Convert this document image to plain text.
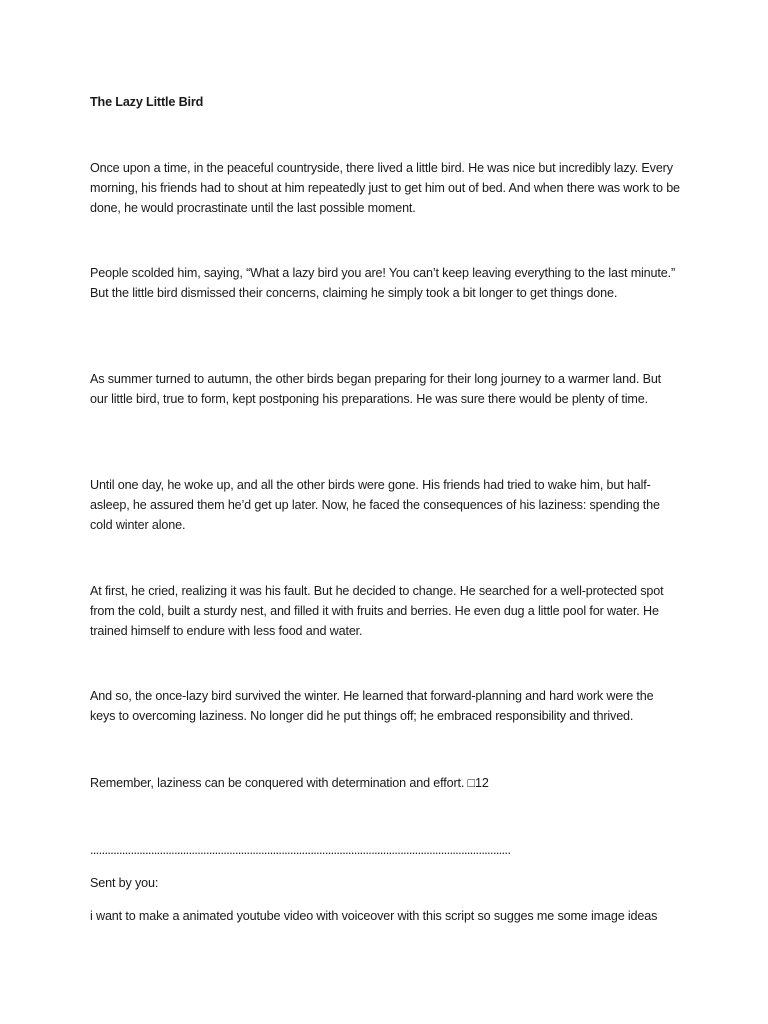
The Lazy Little Bird

Once upon a time, in the peaceful countryside, there lived a little bird. He was nice but incredibly lazy. Every morning, his friends had to shout at him repeatedly just to get him out of bed. And when there was work to be done, he would procrastinate until the last possible moment.

People scolded him, saying, “What a lazy bird you are! You can’t keep leaving everything to the last minute.” But the little bird dismissed their concerns, claiming he simply took a bit longer to get things done.

As summer turned to autumn, the other birds began preparing for their long journey to a warmer land. But our little bird, true to form, kept postponing his preparations. He was sure there would be plenty of time.

Until one day, he woke up, and all the other birds were gone. His friends had tried to wake him, but half-asleep, he assured them he’d get up later. Now, he faced the consequences of his laziness: spending the cold winter alone.

At first, he cried, realizing it was his fault. But he decided to change. He searched for a well-protected spot from the cold, built a sturdy nest, and filled it with fruits and berries. He even dug a little pool for water. He trained himself to endure with less food and water.

And so, the once-lazy bird survived the winter. He learned that forward-planning and hard work were the keys to overcoming laziness. No longer did he put things off; he embraced responsibility and thrived.

Remember, laziness can be conquered with determination and effort. □12

.................................................................................................................................................

Sent by you:

i want to make a animated youtube video with voiceover with this script so sugges me some image ideas
